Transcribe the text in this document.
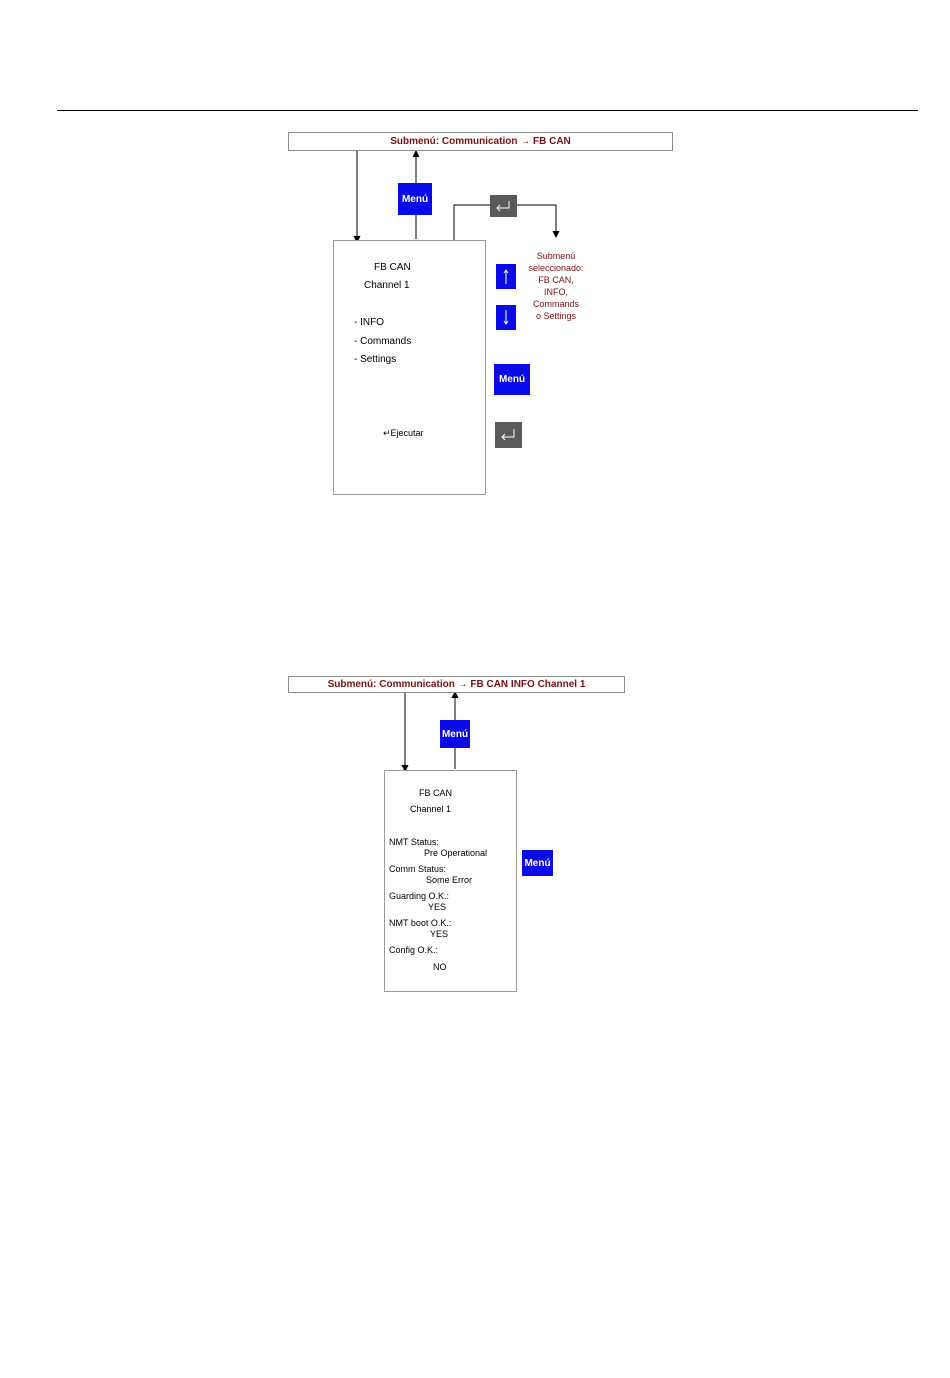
Submenú: Communication → FB CAN
Menú
FB CAN
Channel 1
- INFO
- Commands
- Settings
↵Ejecutar
Submenú
seleccionado:
FB CAN,
INFO,
Commands
o Settings
Menú
Submenú: Communication → FB CAN INFO Channel 1
Menú
FB CAN
Channel 1
NMT Status:
Pre Operational
Comm Status:
Some Error
Guarding O.K.:
YES
NMT boot O.K.:
YES
Config O.K.:
NO
Menú
